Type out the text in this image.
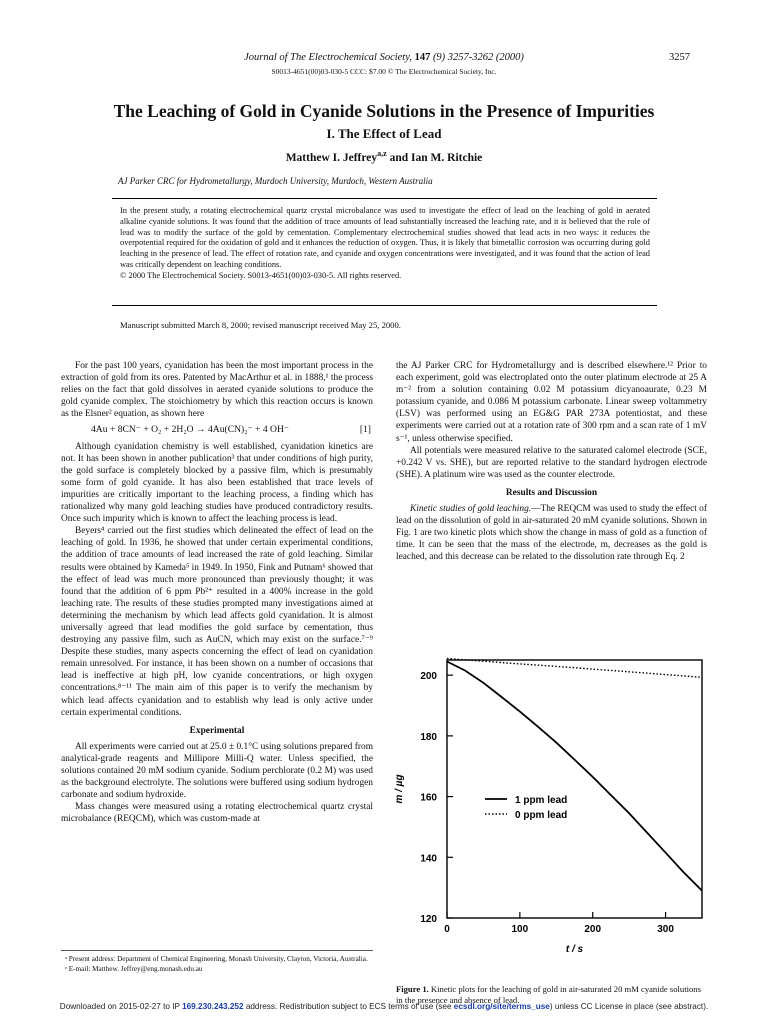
Journal of The Electrochemical Society, 147 (9) 3257-3262 (2000)
S0013-4651(00)03-030-5 CCC: $7.00 © The Electrochemical Society, Inc.
3257
The Leaching of Gold in Cyanide Solutions in the Presence of Impurities
I. The Effect of Lead
Matthew I. Jeffrey$^{a,z}$ and Ian M. Ritchie
AJ Parker CRC for Hydrometallurgy, Murdoch University, Murdoch, Western Australia

In the present study, a rotating electrochemical quartz crystal microbalance was used to investigate the effect of lead on the leaching of gold in aerated alkaline cyanide solutions. It was found that the addition of trace amounts of lead substantially increased the leaching rate, and it is believed that the role of lead was to modify the surface of the gold by cementation. Complementary electrochemical studies showed that lead acts in two ways: it reduces the overpotential required for the oxidation of gold and it enhances the reduction of oxygen. Thus, it is likely that bimetallic corrosion was occurring during gold leaching in the presence of lead. The effect of rotation rate, and cyanide and oxygen concentrations were investigated, and it was found that the action of lead was critically dependent on leaching conditions.

© 2000 The Electrochemical Society. S0013-4651(00)03-030-5. All rights reserved.

Manuscript submitted March 8, 2000; revised manuscript received May 25, 2000.

For the past 100 years, cyanidation has been the most important process in the extraction of gold from its ores. Patented by MacArthur et al. in 1888,¹ the process relies on the fact that gold dissolves in aerated cyanide solutions to produce the gold cyanide complex. The stoichiometry by which this reaction occurs is known as the Elsner² equation, as shown here

4Au + 8CN⁻ + O₂ + 2H₂O → 4Au(CN)₂⁻ + 4 OH⁻	[1]

Although cyanidation chemistry is well established, cyanidation kinetics are not. It has been shown in another publication³ that under conditions of high purity, the gold surface is completely blocked by a passive film, which is presumably some form of gold cyanide. It has also been established that trace levels of impurities are critically important to the leaching process, a finding which has rationalized why many gold leaching studies have produced contradictory results. Once such impurity which is known to affect the leaching process is lead.

Beyers⁴ carried out the first studies which delineated the effect of lead on the leaching of gold. In 1936, he showed that under certain experimental conditions, the addition of trace amounts of lead increased the rate of gold leaching. Similar results were obtained by Kameda⁵ in 1949. In 1950, Fink and Putnam⁶ showed that the effect of lead was much more pronounced than previously thought; it was found that the addition of 6 ppm Pb²⁺ resulted in a 400% increase in the gold leaching rate. The results of these studies prompted many investigations aimed at determining the mechanism by which lead affects gold cyanidation. It is almost universally agreed that lead modifies the gold surface by cementation, thus destroying any passive film, such as AuCN, which may exist on the surface.⁷⁻⁹ Despite these studies, many aspects concerning the effect of lead on cyanidation remain unresolved. For instance, it has been shown on a number of occasions that lead is ineffective at high pH, low cyanide concentrations, or high oxygen concentrations.⁸⁻¹¹ The main aim of this paper is to verify the mechanism by which lead affects cyanidation and to establish why lead is only active under certain experimental conditions.

Experimental

All experiments were carried out at 25.0 ± 0.1°C using solutions prepared from analytical-grade reagents and Millipore Milli-Q water. Unless specified, the solutions contained 20 mM sodium cyanide. Sodium perchlorate (0.2 M) was used as the background electrolyte. The solutions were buffered using sodium hydrogen carbonate and sodium hydroxide.

Mass changes were measured using a rotating electrochemical quartz crystal microbalance (REQCM), which was custom-made at

ᵃ Present address: Department of Chemical Engineering, Monash University, Clayton, Victoria, Australia.
ᶻ E-mail: Matthew. Jeffrey@eng.monash.edu.au

the AJ Parker CRC for Hydrometallurgy and is described elsewhere.¹² Prior to each experiment, gold was electroplated onto the outer platinum electrode at 25 A m⁻² from a solution containing 0.02 M potassium dicyanoaurate, 0.23 M potassium cyanide, and 0.086 M potassium carbonate. Linear sweep voltammetry (LSV) was performed using an EG&G PAR 273A potentiostat, and these experiments were carried out at a rotation rate of 300 rpm and a scan rate of 1 mV s⁻¹, unless otherwise specified.

All potentials were measured relative to the saturated calomel electrode (SCE, +0.242 V vs. SHE), but are reported relative to the standard hydrogen electrode (SHE). A platinum wire was used as the counter electrode.

Results and Discussion

Kinetic studies of gold leaching.—The REQCM was used to study the effect of lead on the dissolution of gold in air-saturated 20 mM cyanide solutions. Shown in Fig. 1 are two kinetic plots which show the change in mass of gold as a function of time. It can be seen that the mass of the electrode, m, decreases as the gold is leached, and this decrease can be related to the dissolution rate through Eq. 2

0	100	200	300
120
140
160
180
200
t / s
m / µg	1 ppm lead
0 ppm lead
Figure 1. Kinetic plots for the leaching of gold in air-saturated 20 mM cyanide solutions in the presence and absence of lead.
Downloaded on 2015-02-27 to IP 169.230.243.252 address. Redistribution subject to ECS terms of use (see ecsdl.org/site/terms_use) unless CC License in place (see abstract).
